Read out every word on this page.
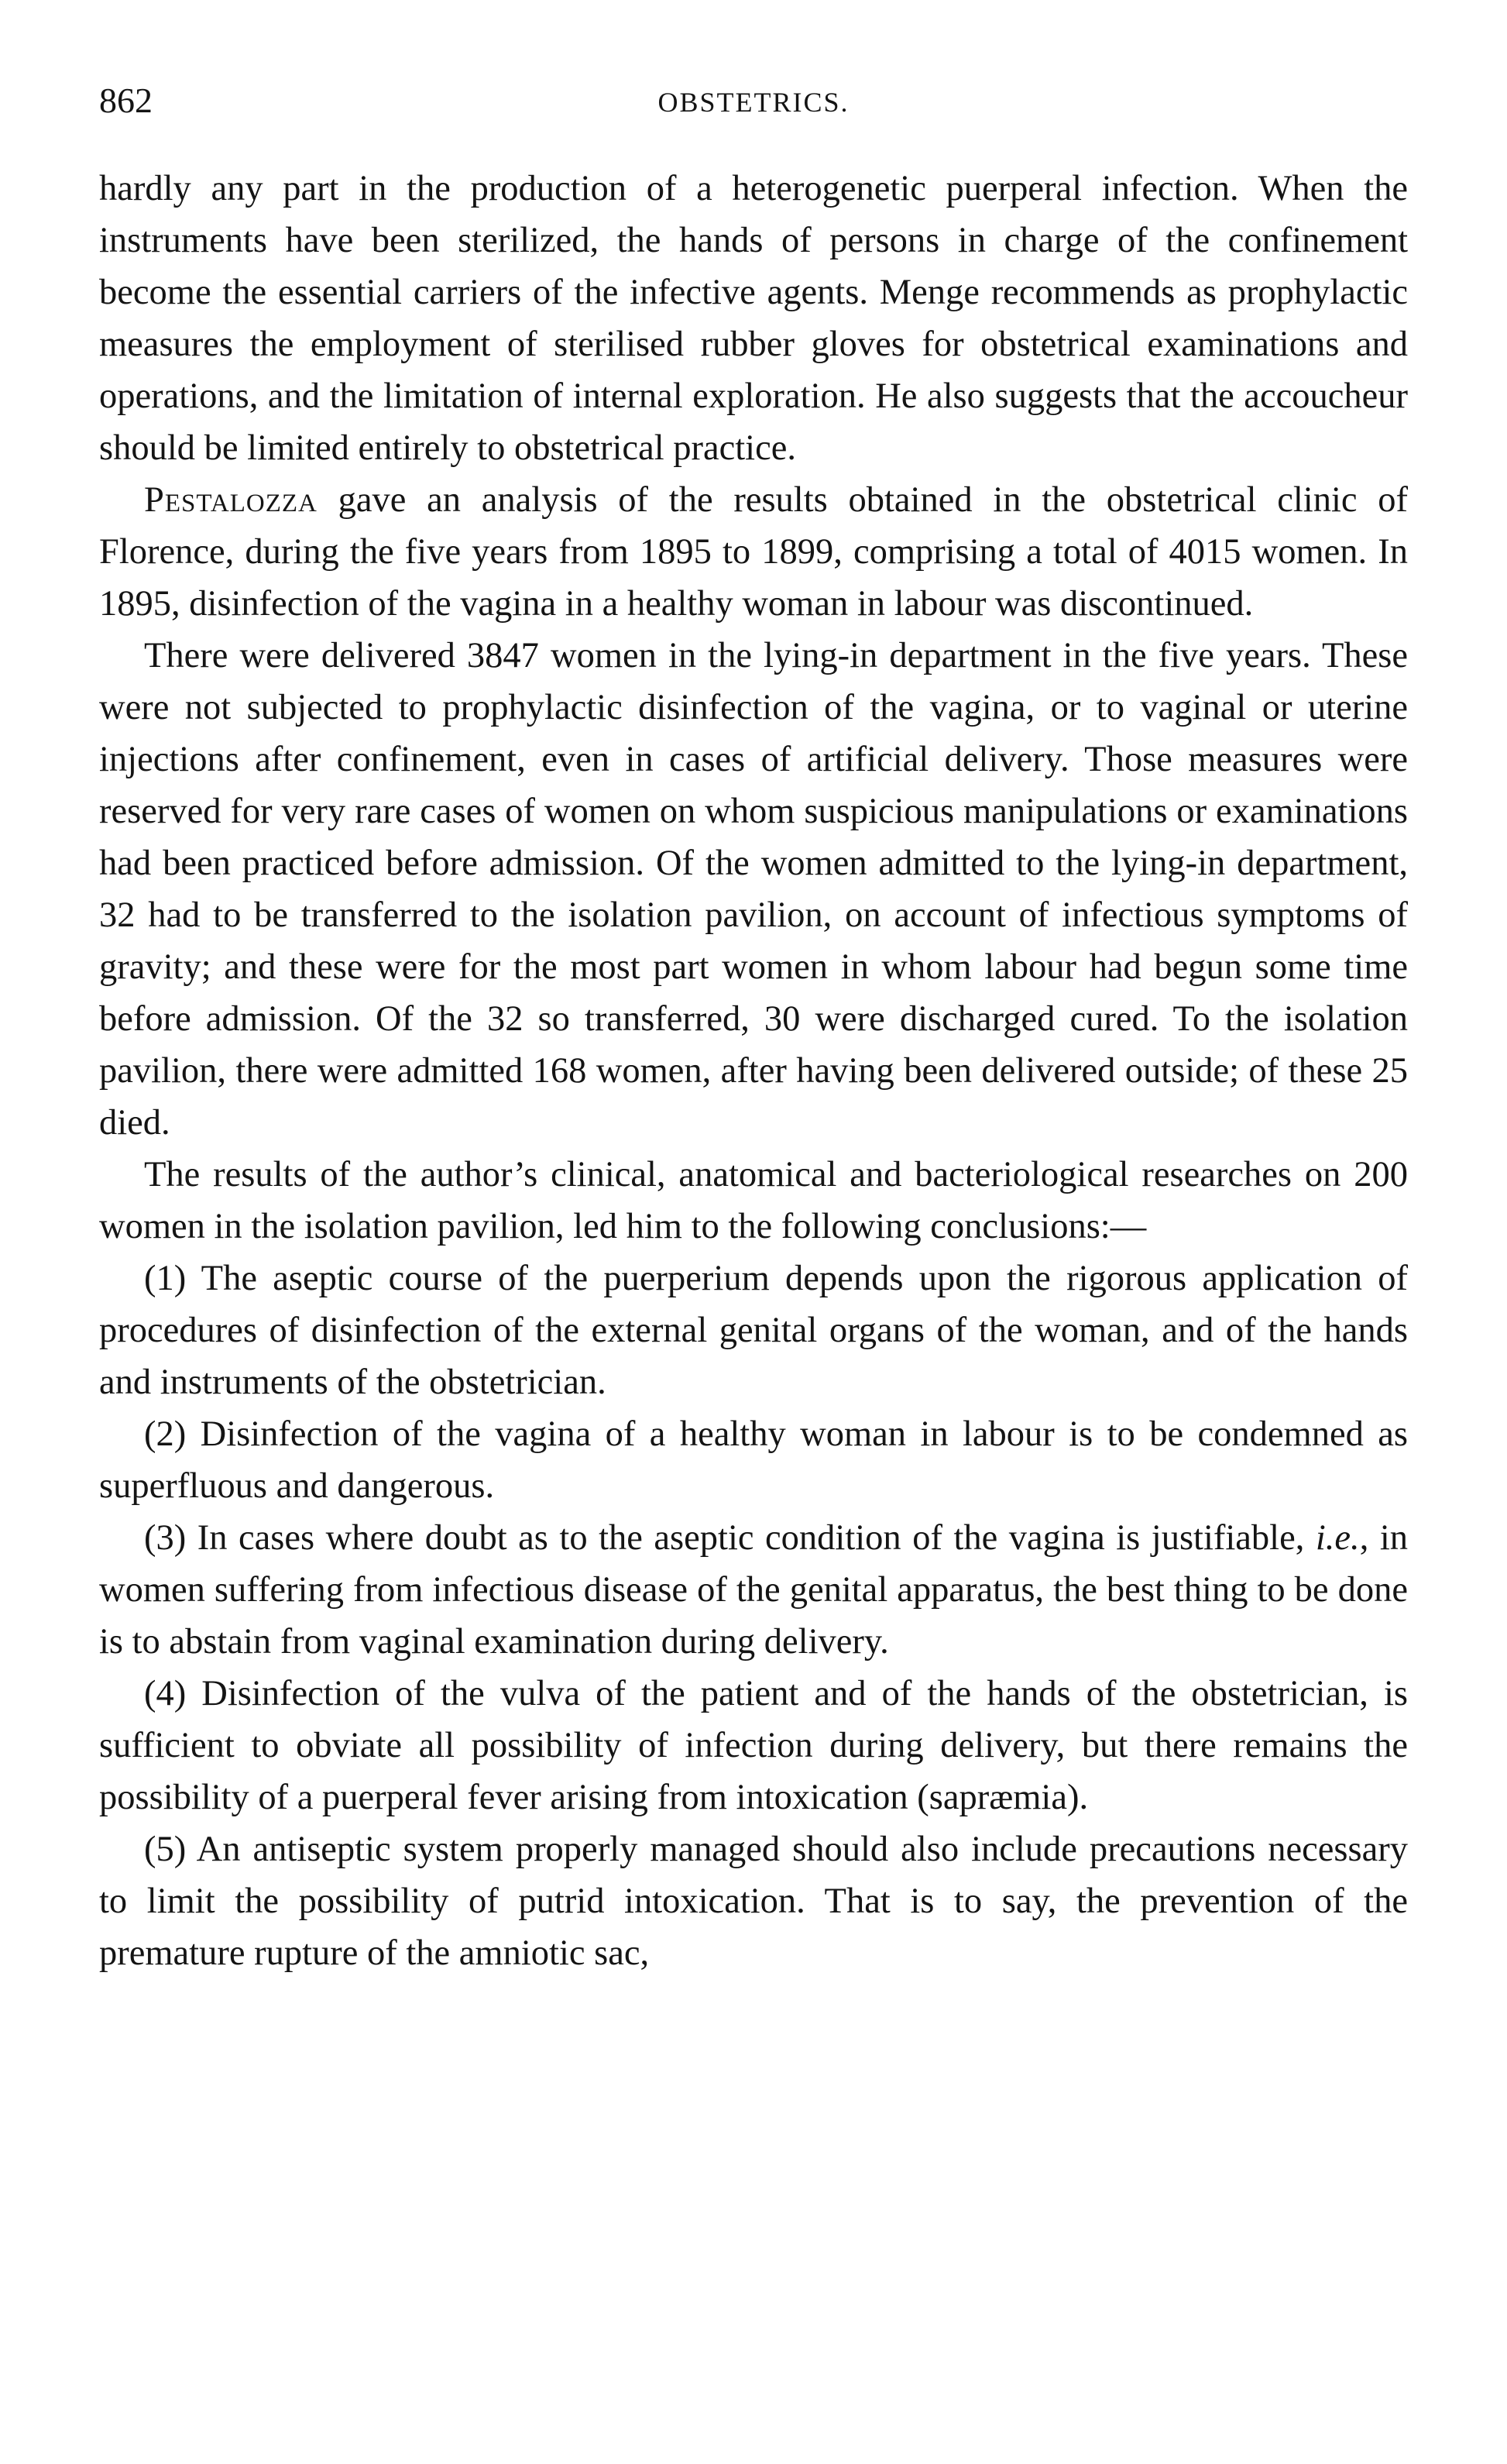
862	OBSTETRICS.

hardly any part in the production of a heterogenetic puerperal infection. When the instruments have been sterilized, the hands of persons in charge of the confinement become the essential carriers of the infective agents. Menge recommends as prophylactic measures the employment of sterilised rubber gloves for obstetrical examinations and operations, and the limitation of internal exploration. He also suggests that the accoucheur should be limited entirely to obstetrical practice.

Pestalozza gave an analysis of the results obtained in the obstetrical clinic of Florence, during the five years from 1895 to 1899, comprising a total of 4015 women. In 1895, disinfection of the vagina in a healthy woman in labour was discontinued.

There were delivered 3847 women in the lying-in department in the five years. These were not subjected to prophylactic disinfection of the vagina, or to vaginal or uterine injections after confinement, even in cases of artificial delivery. Those measures were reserved for very rare cases of women on whom suspicious manipulations or examinations had been practiced before admission. Of the women admitted to the lying-in department, 32 had to be transferred to the isolation pavilion, on account of infectious symptoms of gravity; and these were for the most part women in whom labour had begun some time before admission. Of the 32 so transferred, 30 were discharged cured. To the isolation pavilion, there were admitted 168 women, after having been delivered outside; of these 25 died.

The results of the author’s clinical, anatomical and bacteriological researches on 200 women in the isolation pavilion, led him to the following conclusions:—

(1) The aseptic course of the puerperium depends upon the rigorous application of procedures of disinfection of the external genital organs of the woman, and of the hands and instruments of the obstetrician.

(2) Disinfection of the vagina of a healthy woman in labour is to be condemned as superfluous and dangerous.

(3) In cases where doubt as to the aseptic condition of the vagina is justifiable, i.e., in women suffering from infectious disease of the genital apparatus, the best thing to be done is to abstain from vaginal examination during delivery.

(4) Disinfection of the vulva of the patient and of the hands of the obstetrician, is sufficient to obviate all possibility of infection during delivery, but there remains the possibility of a puerperal fever arising from intoxication (sapræmia).

(5) An antiseptic system properly managed should also include precautions necessary to limit the possibility of putrid intoxication. That is to say, the prevention of the premature rupture of the amniotic sac,
